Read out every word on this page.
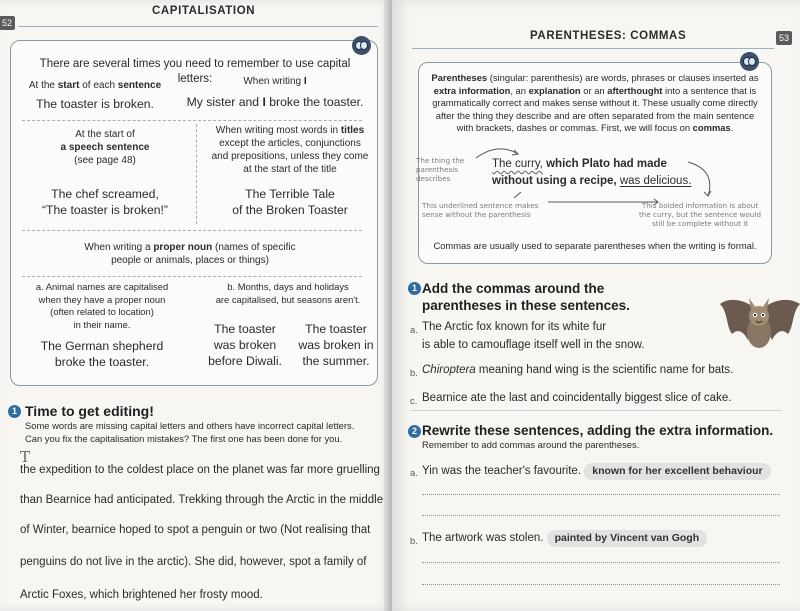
52
CAPITALISATION
There are several times you need to remember to use capital letters:
At the start of each sentence
The toaster is broken.
When writing I
My sister and I broke the toaster.
At the start of
a speech sentence
(see page 48)
The chef screamed,
“The toaster is broken!”
When writing most words in titles
except the articles, conjunctions
and prepositions, unless they come
at the start of the title
The Terrible Tale
of the Broken Toaster
When writing a proper noun (names of specific
people or animals, places or things)
a. Animal names are capitalised
when they have a proper noun
(often related to location)
in their name.
The German shepherd
broke the toaster.
b. Months, days and holidays
are capitalised, but seasons aren't.
The toaster
was broken
before Diwali.
The toaster
was broken in
the summer.
1 Time to get editing!
Some words are missing capital letters and others have incorrect capital letters.
Can you fix the capitalisation mistakes? The first one has been done for you.
T
the expedition to the coldest place on the planet was far more gruelling
than Bearnice had anticipated. Trekking through the Arctic in the middle
of Winter, bearnice hoped to spot a penguin or two (Not realising that
penguins do not live in the arctic). She did, however, spot a family of
Arctic Foxes, which brightened her frosty mood.
PARENTHESES: COMMAS	53
Parentheses (singular: parenthesis) are words, phrases or clauses inserted as
extra information, an explanation or an afterthought into a sentence that is
grammatically correct and makes sense without it. These usually come directly
after the thing they describe and are often separated from the main sentence
with brackets, dashes or commas. First, we will focus on commas.
The thing the
parenthesis
describes
The curry, which Plato had made
without using a recipe, was delicious.
This underlined sentence makes
sense without the parenthesis
This bolded information is about
the curry, but the sentence would
still be complete without it
Commas are usually used to separate parentheses when the writing is formal.
1 Add the commas around the
parentheses in these sentences.
a. The Arctic fox known for its white fur
is able to camouflage itself well in the snow.
b. Chiroptera meaning hand wing is the scientific name for bats.
c. Bearnice ate the last and coincidentally biggest slice of cake.
2 Rewrite these sentences, adding the extra information.
Remember to add commas around the parentheses.
a. Yin was the teacher's favourite. known for her excellent behaviour
b. The artwork was stolen. painted by Vincent van Gogh
